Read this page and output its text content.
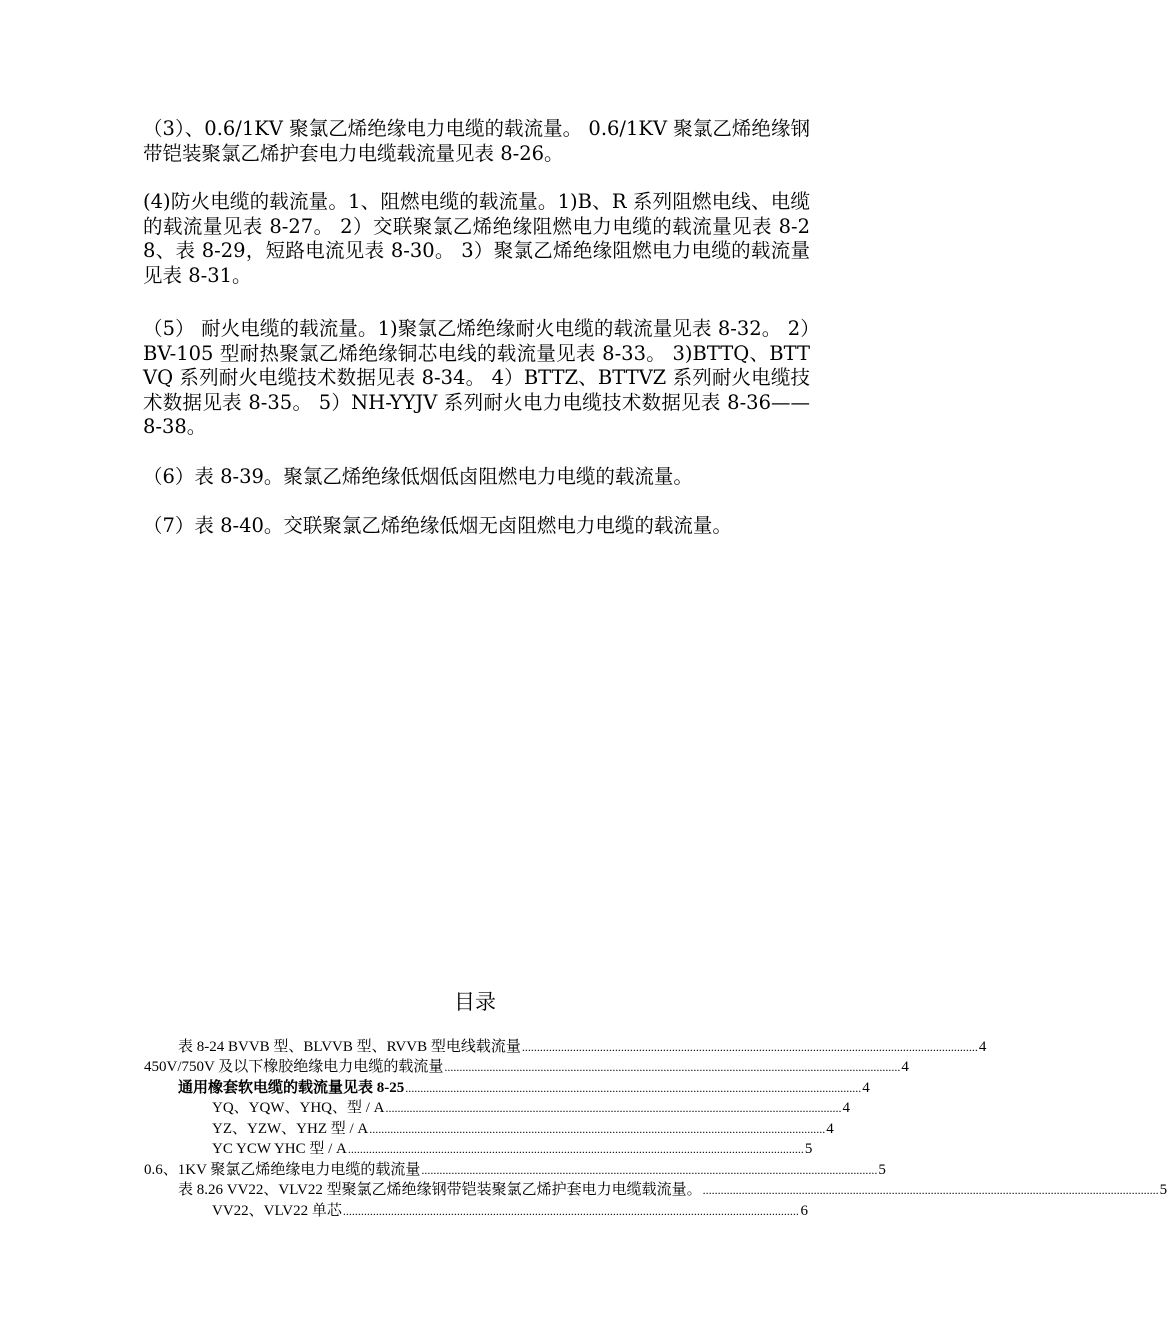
（3）、0.6/1KV 聚氯乙烯绝缘电力电缆的载流量。 0.6/1KV 聚氯乙烯绝缘钢带铠装聚氯乙烯护套电力电缆载流量见表 8-26。

(4)防火电缆的载流量。1、阻燃电缆的载流量。1)B、R 系列阻燃电线、电缆的载流量见表 8-27。 2）交联聚氯乙烯绝缘阻燃电力电缆的载流量见表 8-28、表 8-29，短路电流见表 8-30。 3）聚氯乙烯绝缘阻燃电力电缆的载流量见表 8-31。

（5） 耐火电缆的载流量。1)聚氯乙烯绝缘耐火电缆的载流量见表 8-32。 2）BV-105 型耐热聚氯乙烯绝缘铜芯电线的载流量见表 8-33。 3)BTTQ、BTTVQ 系列耐火电缆技术数据见表 8-34。 4）BTTZ、BTTVZ 系列耐火电缆技术数据见表 8-35。 5）NH-YYJV 系列耐火电力电缆技术数据见表 8-36——8-38。

（6）表 8-39。聚氯乙烯绝缘低烟低卤阻燃电力电缆的载流量。

（7）表 8-40。交联聚氯乙烯绝缘低烟无卤阻燃电力电缆的载流量。

目录
表 8-24 BVVB 型、BLVVB 型、RVVB 型电线载流量 ........................................................................................................................................................ 4
450V/750V 及以下橡胶绝缘电力电缆的载流量 ........................................................................................................................................................ 4
通用橡套软电缆的载流量见表 8-25 ........................................................................................................................................................ 4
YQ、YQW、YHQ、型 / A ........................................................................................................................................................ 4
YZ、YZW、YHZ 型 / A ........................................................................................................................................................ 4
YC YCW YHC 型 / A ........................................................................................................................................................ 5
0.6、1KV 聚氯乙烯绝缘电力电缆的载流量 ........................................................................................................................................................ 5
表 8.26 VV22、VLV22 型聚氯乙烯绝缘钢带铠装聚氯乙烯护套电力电缆载流量。 ........................................................................................................................................................ 5
VV22、VLV22 单芯 ........................................................................................................................................................ 6
